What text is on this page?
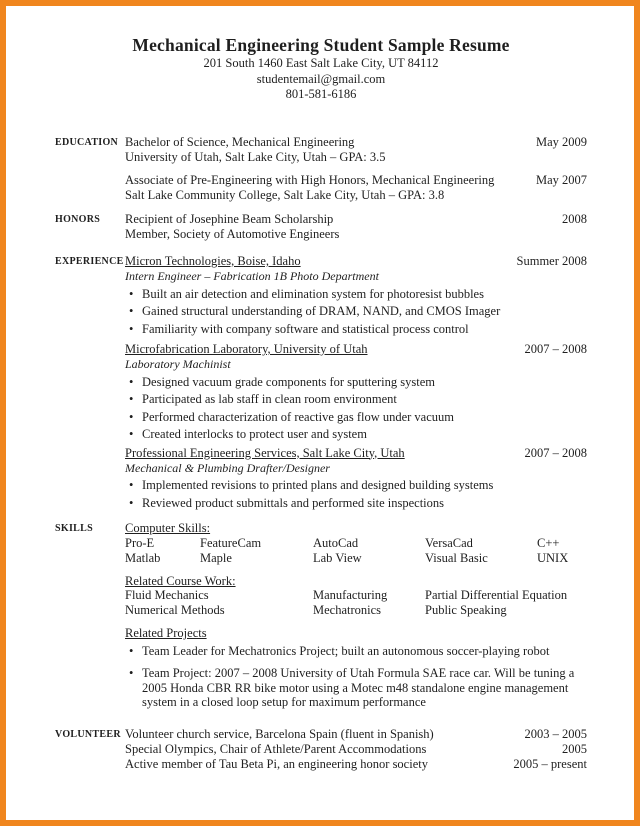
Mechanical Engineering Student Sample Resume
201 South 1460 East Salt Lake City, UT 84112
studentemail@gmail.com
801-581-6186
EDUCATION Bachelor of Science, Mechanical Engineering	May 2009
University of Utah, Salt Lake City, Utah – GPA: 3.5
Associate of Pre-Engineering with High Honors, Mechanical Engineering	May 2007
Salt Lake Community College, Salt Lake City, Utah – GPA: 3.8
HONORS	Recipient of Josephine Beam Scholarship	2008
Member, Society of Automotive Engineers
EXPERIENCE Micron Technologies, Boise, Idaho	Summer 2008
Intern Engineer – Fabrication 1B Photo Department
• Built an air detection and elimination system for photoresist bubbles
• Gained structural understanding of DRAM, NAND, and CMOS Imager
• Familiarity with company software and statistical process control
Microfabrication Laboratory, University of Utah	2007 – 2008
Laboratory Machinist
• Designed vacuum grade components for sputtering system
• Participated as lab staff in clean room environment
• Performed characterization of reactive gas flow under vacuum
• Created interlocks to protect user and system
Professional Engineering Services, Salt Lake City, Utah	2007 – 2008
Mechanical & Plumbing Drafter/Designer
• Implemented revisions to printed plans and designed building systems
• Reviewed product submittals and performed site inspections
SKILLS	Computer Skills:
Pro-E	FeatureCam	AutoCad	VersaCad	C++
Matlab	Maple	Lab View	Visual Basic	UNIX
Related Course Work:
Fluid Mechanics	Manufacturing	Partial Differential Equation
Numerical Methods	Mechatronics	Public Speaking
Related Projects
• Team Leader for Mechatronics Project; built an autonomous soccer-playing robot
• Team Project: 2007 – 2008 University of Utah Formula SAE race car. Will be tuning a 2005 Honda CBR RR bike motor using a Motec m48 standalone engine management system in a closed loop setup for maximum performance
VOLUNTEER Volunteer church service, Barcelona Spain (fluent in Spanish)	2003 – 2005
Special Olympics, Chair of Athlete/Parent Accommodations	2005
Active member of Tau Beta Pi, an engineering honor society	2005 – present
